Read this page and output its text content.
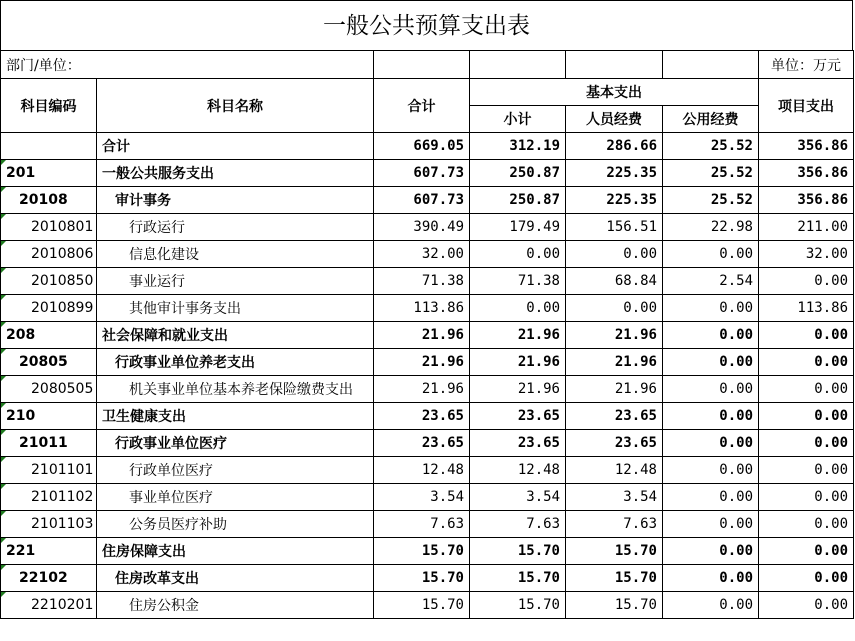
一般公共预算支出表
部门/单位：						单位：万元
科目编码	科目名称	合计	基本支出			项目支出
			小计	人员经费	公用经费	
	合计	669.05	312.19	286.66	25.52	356.86
201	一般公共服务支出	607.73	250.87	225.35	25.52	356.86
20108	审计事务	607.73	250.87	225.35	25.52	356.86
2010801	行政运行	390.49	179.49	156.51	22.98	211.00
2010806	信息化建设	32.00	0.00	0.00	0.00	32.00
2010850	事业运行	71.38	71.38	68.84	2.54	0.00
2010899	其他审计事务支出	113.86	0.00	0.00	0.00	113.86
208	社会保障和就业支出	21.96	21.96	21.96	0.00	0.00
20805	行政事业单位养老支出	21.96	21.96	21.96	0.00	0.00
2080505	机关事业单位基本养老保险缴费支出	21.96	21.96	21.96	0.00	0.00
210	卫生健康支出	23.65	23.65	23.65	0.00	0.00
21011	行政事业单位医疗	23.65	23.65	23.65	0.00	0.00
2101101	行政单位医疗	12.48	12.48	12.48	0.00	0.00
2101102	事业单位医疗	3.54	3.54	3.54	0.00	0.00
2101103	公务员医疗补助	7.63	7.63	7.63	0.00	0.00
221	住房保障支出	15.70	15.70	15.70	0.00	0.00
22102	住房改革支出	15.70	15.70	15.70	0.00	0.00
2210201	住房公积金	15.70	15.70	15.70	0.00	0.00
